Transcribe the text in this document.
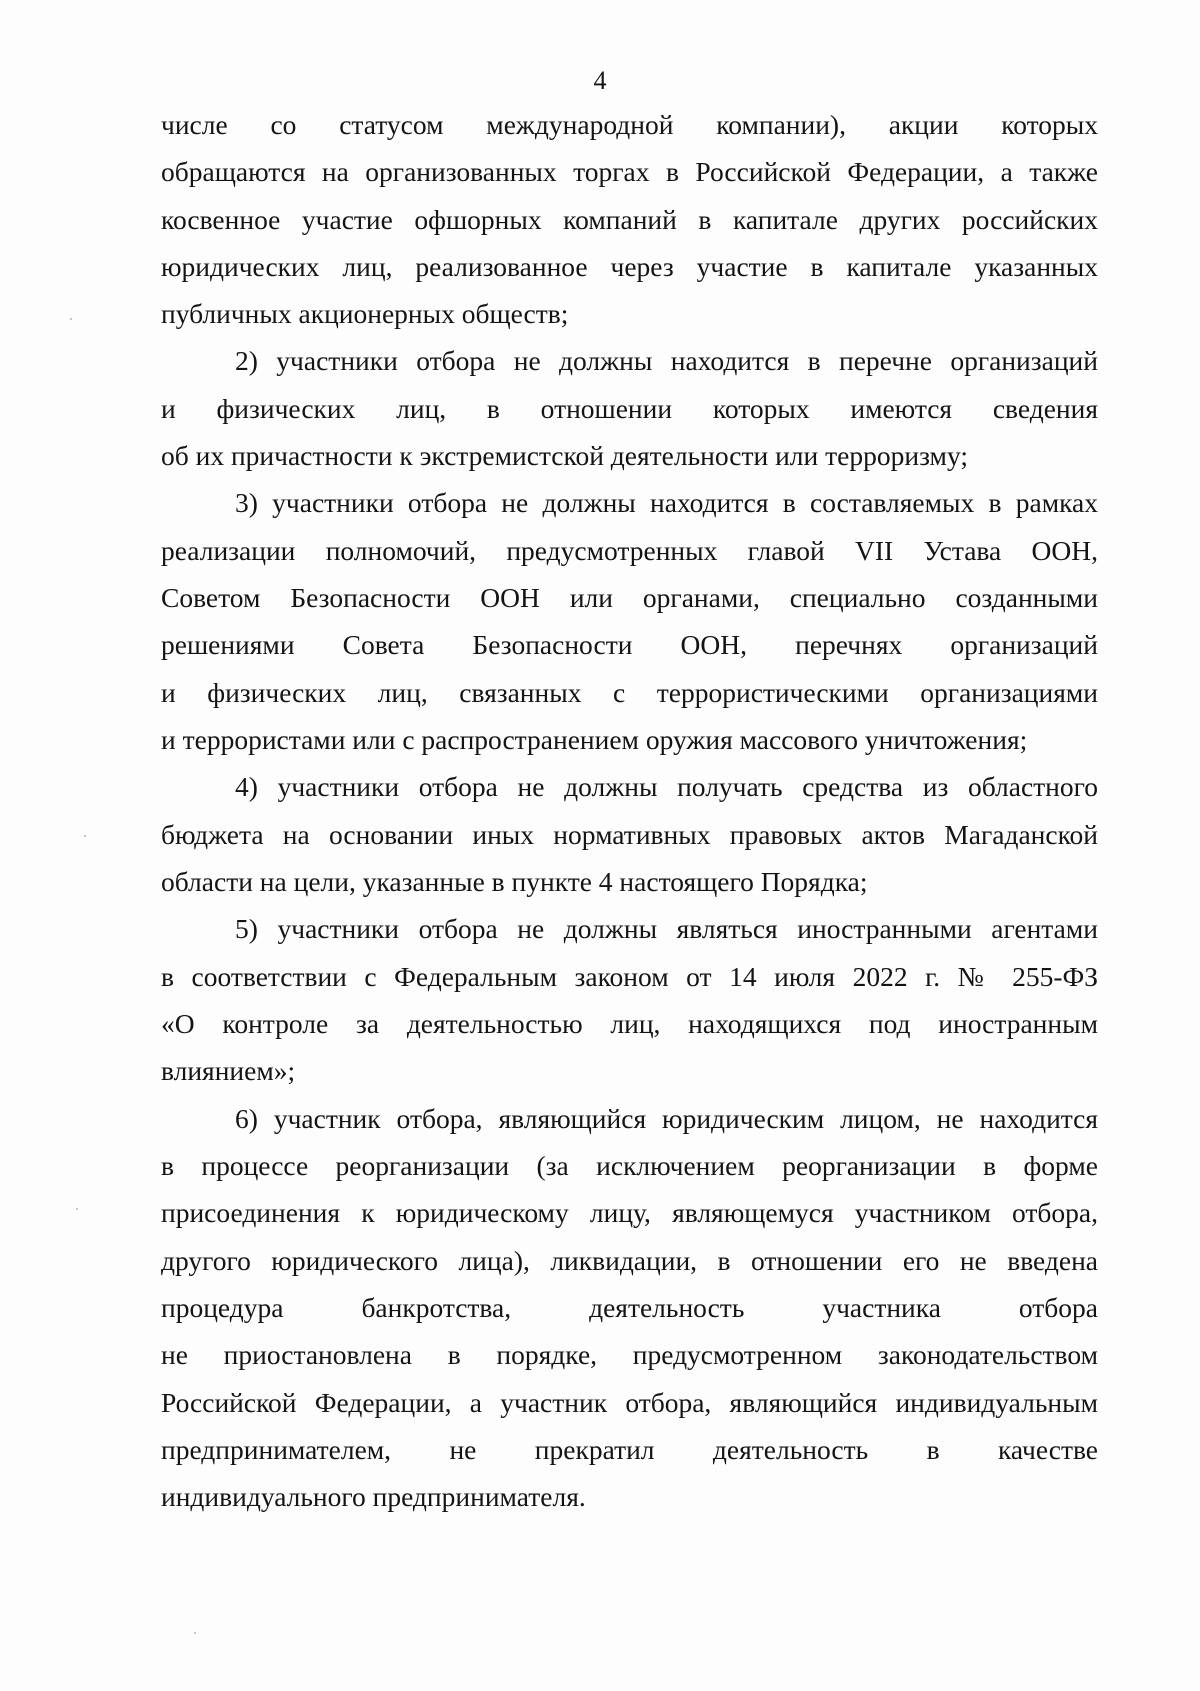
4
числе со статусом международной компании), акции которых
обращаются на организованных торгах в Российской Федерации, а также
косвенное участие офшорных компаний в капитале других российских
юридических лиц, реализованное через участие в капитале указанных
публичных акционерных обществ;
2) участники отбора не должны находится в перечне организаций
и физических лиц, в отношении которых имеются сведения
об их причастности к экстремистской деятельности или терроризму;
3) участники отбора не должны находится в составляемых в рамках
реализации полномочий, предусмотренных главой VII Устава ООН,
Советом Безопасности ООН или органами, специально созданными
решениями Совета Безопасности ООН, перечнях организаций
и физических лиц, связанных с террористическими организациями
и террористами или с распространением оружия массового уничтожения;
4) участники отбора не должны получать средства из областного
бюджета на основании иных нормативных правовых актов Магаданской
области на цели, указанные в пункте 4 настоящего Порядка;
5) участники отбора не должны являться иностранными агентами
в соответствии с Федеральным законом от 14 июля 2022 г. № 255-ФЗ
«О контроле за деятельностью лиц, находящихся под иностранным
влиянием»;
6) участник отбора, являющийся юридическим лицом, не находится
в процессе реорганизации (за исключением реорганизации в форме
присоединения к юридическому лицу, являющемуся участником отбора,
другого юридического лица), ликвидации, в отношении его не введена
процедура банкротства, деятельность участника отбора
не приостановлена в порядке, предусмотренном законодательством
Российской Федерации, а участник отбора, являющийся индивидуальным
предпринимателем, не прекратил деятельность в качестве
индивидуального предпринимателя.
